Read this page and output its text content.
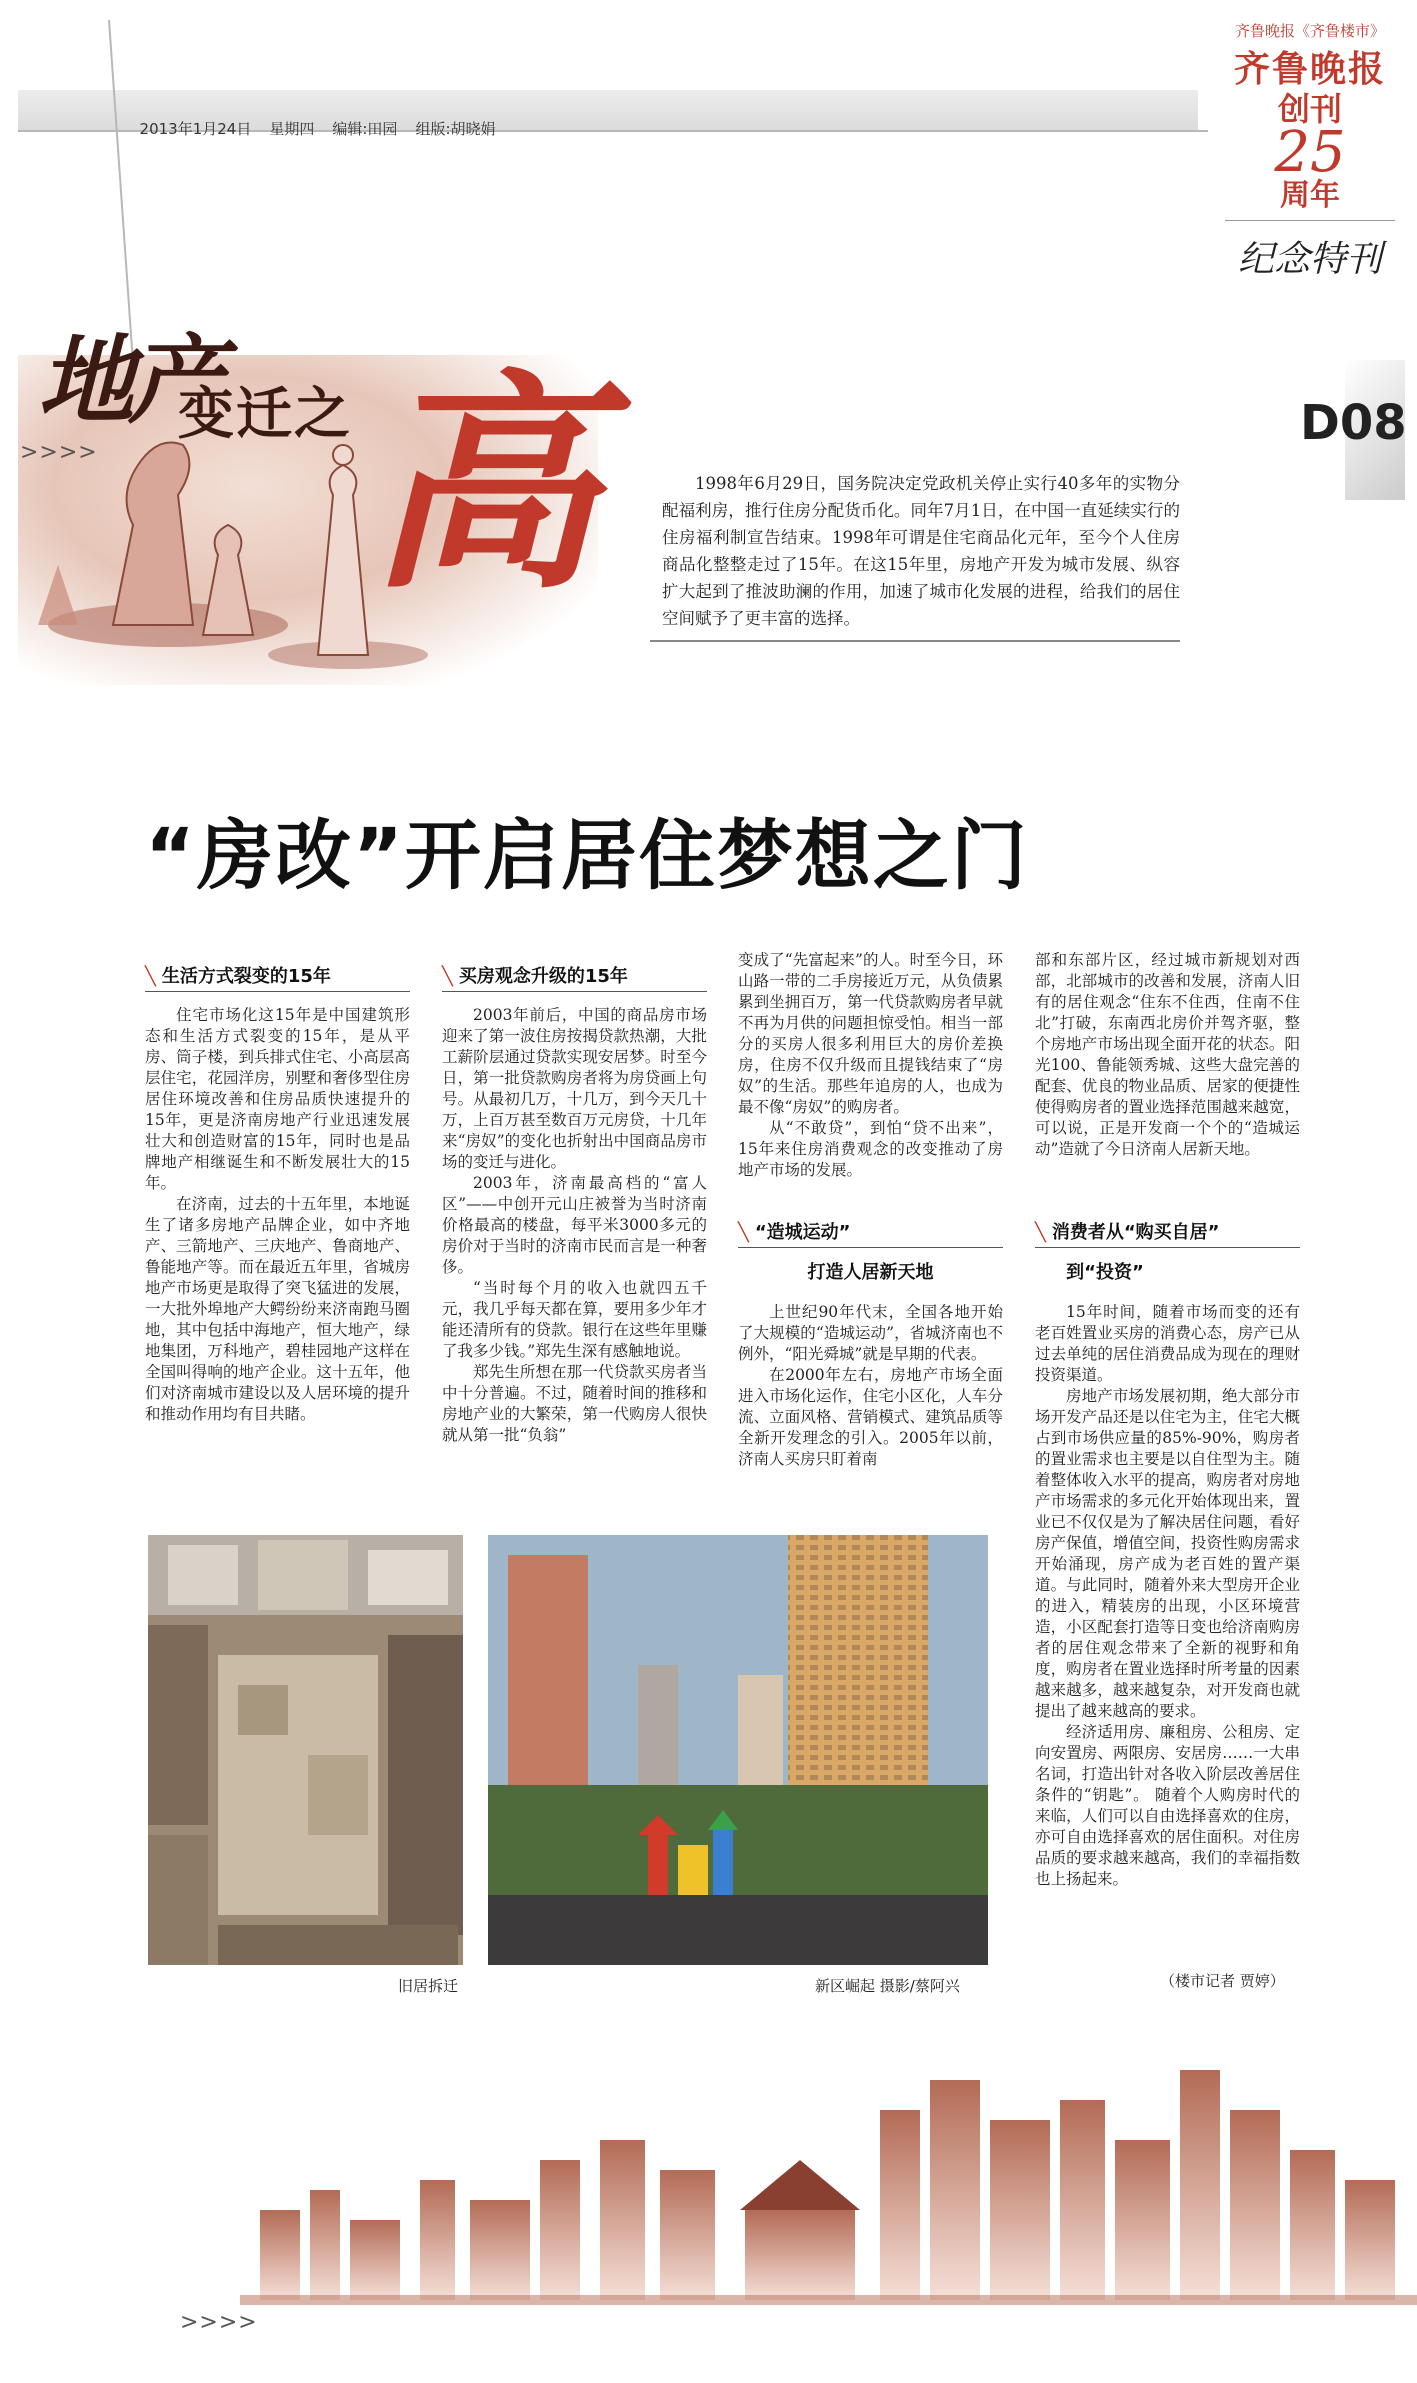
2013年1月24日 星期四 编辑:田园 组版:胡晓娟

齐鲁晚报《齐鲁楼市》
齐鲁晚报
创刊
25
周年
纪念特刊
D08
地产
变迁之 高
>>>>
1998年6月29日，国务院决定党政机关停止实行40多年的实物分配福利房，推行住房分配货币化。同年7月1日，在中国一直延续实行的住房福利制宣告结束。1998年可谓是住宅商品化元年，至今个人住房商品化整整走过了15年。在这15年里，房地产开发为城市发展、纵容扩大起到了推波助澜的作用，加速了城市化发展的进程，给我们的居住空间赋予了更丰富的选择。
“房改”开启居住梦想之门
╲ 生活方式裂变的15年

住宅市场化这15年是中国建筑形态和生活方式裂变的15年，是从平房、筒子楼，到兵排式住宅、小高层高层住宅，花园洋房，别墅和奢侈型住房居住环境改善和住房品质快速提升的15年，更是济南房地产行业迅速发展壮大和创造财富的15年，同时也是品牌地产相继诞生和不断发展壮大的15年。

在济南，过去的十五年里，本地诞生了诸多房地产品牌企业，如中齐地产、三箭地产、三庆地产、鲁商地产、鲁能地产等。而在最近五年里，省城房地产市场更是取得了突飞猛进的发展，一大批外埠地产大鳄纷纷来济南跑马圈地，其中包括中海地产，恒大地产，绿地集团，万科地产，碧桂园地产这样在全国叫得响的地产企业。这十五年，他们对济南城市建设以及人居环境的提升和推动作用均有目共睹。

╲ 买房观念升级的15年

2003年前后，中国的商品房市场迎来了第一波住房按揭贷款热潮，大批工薪阶层通过贷款实现安居梦。时至今日，第一批贷款购房者将为房贷画上句号。从最初几万，十几万，到今天几十万，上百万甚至数百万元房贷，十几年来“房奴”的变化也折射出中国商品房市场的变迁与进化。

2003年，济南最高档的“富人区”——中创开元山庄被誉为当时济南价格最高的楼盘，每平米3000多元的房价对于当时的济南市民而言是一种奢侈。

“当时每个月的收入也就四五千元，我几乎每天都在算，要用多少年才能还清所有的贷款。银行在这些年里赚了我多少钱。”郑先生深有感触地说。

郑先生所想在那一代贷款买房者当中十分普遍。不过，随着时间的推移和房地产业的大繁荣，第一代购房人很快就从第一批“负翁”

变成了“先富起来”的人。时至今日，环山路一带的二手房接近万元，从负债累累到坐拥百万，第一代贷款购房者早就不再为月供的问题担惊受怕。相当一部分的买房人很多利用巨大的房价差换房，住房不仅升级而且提钱结束了“房奴”的生活。那些年追房的人，也成为最不像“房奴”的购房者。

从“不敢贷”，到怕“贷不出来”，15年来住房消费观念的改变推动了房地产市场的发展。

╲ “造城运动”
打造人居新天地

上世纪90年代末，全国各地开始了大规模的“造城运动”，省城济南也不例外，“阳光舜城”就是早期的代表。

在2000年左右，房地产市场全面进入市场化运作，住宅小区化，人车分流、立面风格、营销模式、建筑品质等全新开发理念的引入。2005年以前，济南人买房只盯着南

部和东部片区，经过城市新规划对西部，北部城市的改善和发展，济南人旧有的居住观念“住东不住西，住南不住北”打破，东南西北房价并驾齐驱，整个房地产市场出现全面开花的状态。阳光100、鲁能领秀城、这些大盘完善的配套、优良的物业品质、居家的便捷性使得购房者的置业选择范围越来越宽，可以说，正是开发商一个个的“造城运动”造就了今日济南人居新天地。

╲ 消费者从“购买自居”
到“投资”

15年时间，随着市场而变的还有老百姓置业买房的消费心态，房产已从过去单纯的居住消费品成为现在的理财投资渠道。

房地产市场发展初期，绝大部分市场开发产品还是以住宅为主，住宅大概占到市场供应量的85%-90%，购房者的置业需求也主要是以自住型为主。随着整体收入水平的提高，购房者对房地产市场需求的多元化开始体现出来，置业已不仅仅是为了解决居住问题，看好房产保值，增值空间，投资性购房需求开始涌现，房产成为老百姓的置产渠道。与此同时，随着外来大型房开企业的进入，精装房的出现，小区环境营造，小区配套打造等日变也给济南购房者的居住观念带来了全新的视野和角度，购房者在置业选择时所考量的因素越来越多，越来越复杂，对开发商也就提出了越来越高的要求。

经济适用房、廉租房、公租房、定向安置房、两限房、安居房……一大串名词，打造出针对各收入阶层改善居住条件的“钥匙”。 随着个人购房时代的来临，人们可以自由选择喜欢的住房，亦可自由选择喜欢的居住面积。对住房品质的要求越来越高，我们的幸福指数也上扬起来。

旧居拆迁	新区崛起 摄影/蔡阿兴	（楼市记者 贾婷）
>>>>
